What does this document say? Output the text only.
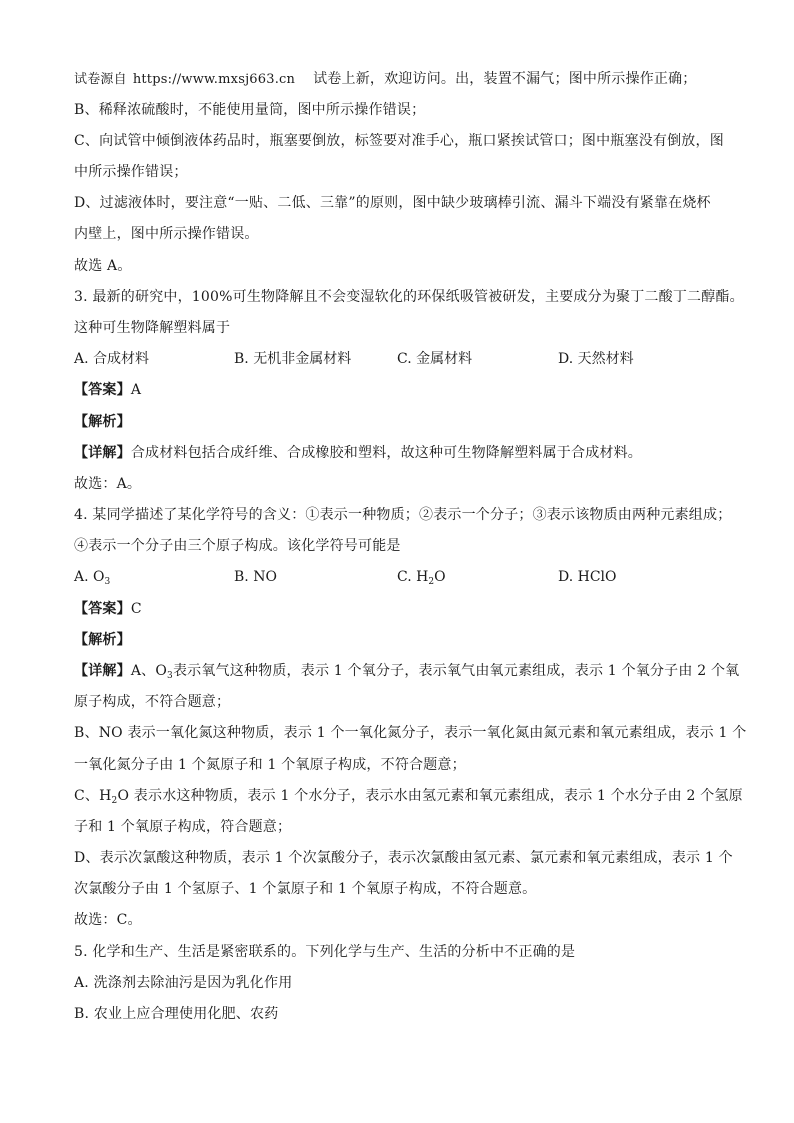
试卷源自 https://www.mxsj663.cn 试卷上新，欢迎访问。出，装置不漏气；图中所示操作正确；
B、稀释浓硫酸时，不能使用量筒，图中所示操作错误；
C、向试管中倾倒液体药品时，瓶塞要倒放，标签要对准手心，瓶口紧挨试管口；图中瓶塞没有倒放，图
中所示操作错误；
D、过滤液体时，要注意“一贴、二低、三靠”的原则，图中缺少玻璃棒引流、漏斗下端没有紧靠在烧杯
内壁上，图中所示操作错误。
故选 A。
3. 最新的研究中，100%可生物降解且不会变湿软化的环保纸吸管被研发，主要成分为聚丁二酸丁二醇酯。
这种可生物降解塑料属于
A. 合成材料	B. 无机非金属材料	C. 金属材料	D. 天然材料
【答案】A
【解析】
【详解】合成材料包括合成纤维、合成橡胶和塑料，故这种可生物降解塑料属于合成材料。
故选：A。
4. 某同学描述了某化学符号的含义：①表示一种物质；②表示一个分子；③表示该物质由两种元素组成；
④表示一个分子由三个原子构成。该化学符号可能是
A. $O_3$	B. NO	C. $H_2O$	D. HClO
【答案】C
【解析】
【详解】A、$O_3$表示氧气这种物质，表示 1 个氧分子，表示氧气由氧元素组成，表示 1 个氧分子由 2 个氧
原子构成，不符合题意；
B、NO 表示一氧化氮这种物质，表示 1 个一氧化氮分子，表示一氧化氮由氮元素和氧元素组成，表示 1 个
一氧化氮分子由 1 个氮原子和 1 个氧原子构成，不符合题意；
C、$H_2O$ 表示水这种物质，表示 1 个水分子，表示水由氢元素和氧元素组成，表示 1 个水分子由 2 个氢原
子和 1 个氧原子构成，符合题意；
D、表示次氯酸这种物质，表示 1 个次氯酸分子，表示次氯酸由氢元素、氯元素和氧元素组成，表示 1 个
次氯酸分子由 1 个氢原子、1 个氯原子和 1 个氧原子构成，不符合题意。
故选：C。
5. 化学和生产、生活是紧密联系的。下列化学与生产、生活的分析中不正确的是
A. 洗涤剂去除油污是因为乳化作用
B. 农业上应合理使用化肥、农药
